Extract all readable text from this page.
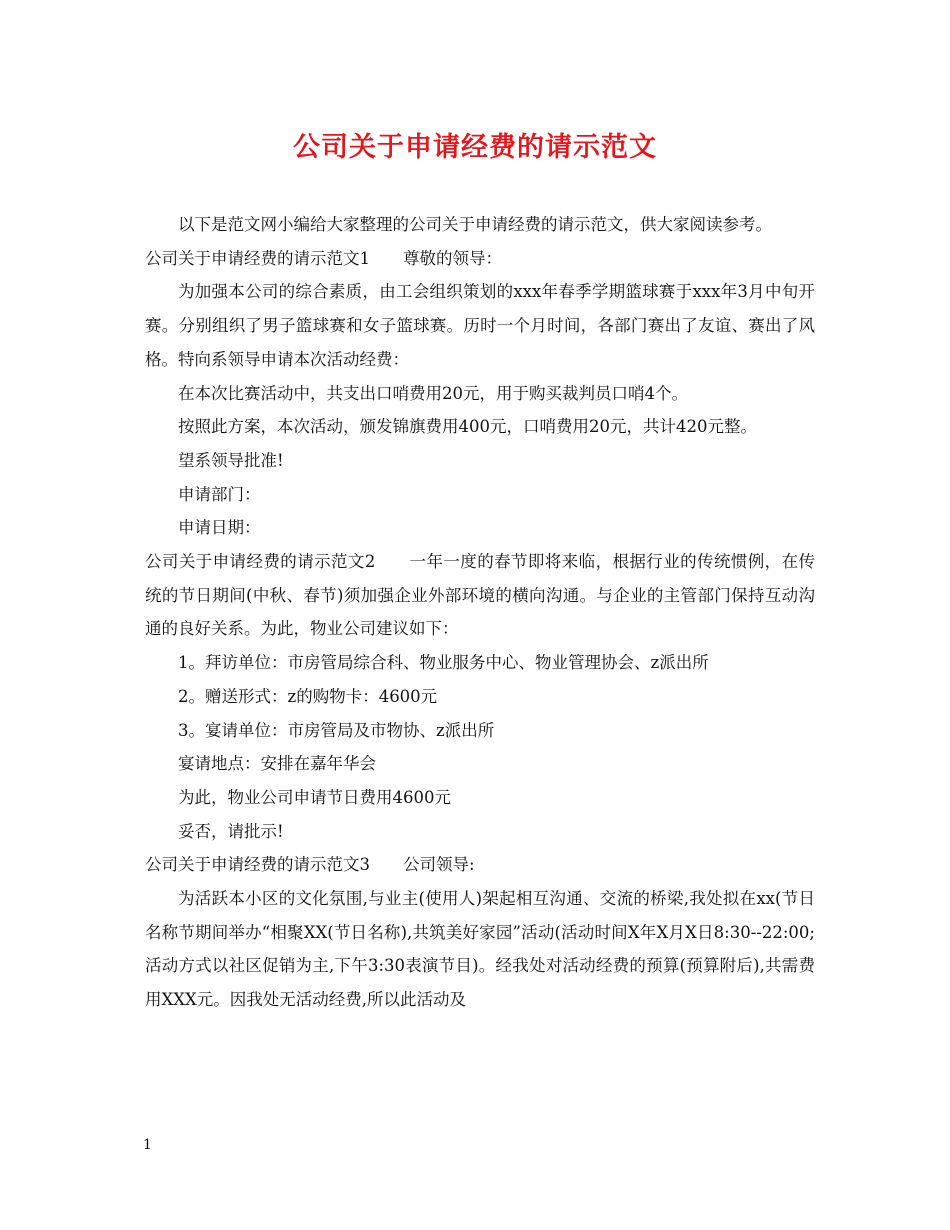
公司关于申请经费的请示范文

以下是范文网小编给大家整理的公司关于申请经费的请示范文，供大家阅读参考。

公司关于申请经费的请示范文1　　尊敬的领导：

为加强本公司的综合素质，由工会组织策划的xxx年春季学期篮球赛于xxx年3月中旬开赛。分别组织了男子篮球赛和女子篮球赛。历时一个月时间，各部门赛出了友谊、赛出了风格。特向系领导申请本次活动经费：

在本次比赛活动中，共支出口哨费用20元，用于购买裁判员口哨4个。

按照此方案，本次活动，颁发锦旗费用400元，口哨费用20元，共计420元整。

望系领导批准!

申请部门：

申请日期：

公司关于申请经费的请示范文2　　一年一度的春节即将来临，根据行业的传统惯例，在传统的节日期间(中秋、春节)须加强企业外部环境的横向沟通。与企业的主管部门保持互动沟通的良好关系。为此，物业公司建议如下：

1。拜访单位：市房管局综合科、物业服务中心、物业管理协会、z派出所

2。赠送形式：z的购物卡：4600元

3。宴请单位：市房管局及市物协、z派出所

宴请地点：安排在嘉年华会

为此，物业公司申请节日费用4600元

妥否，请批示!

公司关于申请经费的请示范文3　　公司领导:

为活跃本小区的文化氛围,与业主(使用人)架起相互沟通、交流的桥梁,我处拟在xx(节日名称节期间举办“相聚XX(节日名称),共筑美好家园”活动(活动时间X年X月X日8:30--22:00;活动方式以社区促销为主,下午3:30表演节目)。经我处对活动经费的预算(预算附后),共需费用XXX元。因我处无活动经费,所以此活动及

1
